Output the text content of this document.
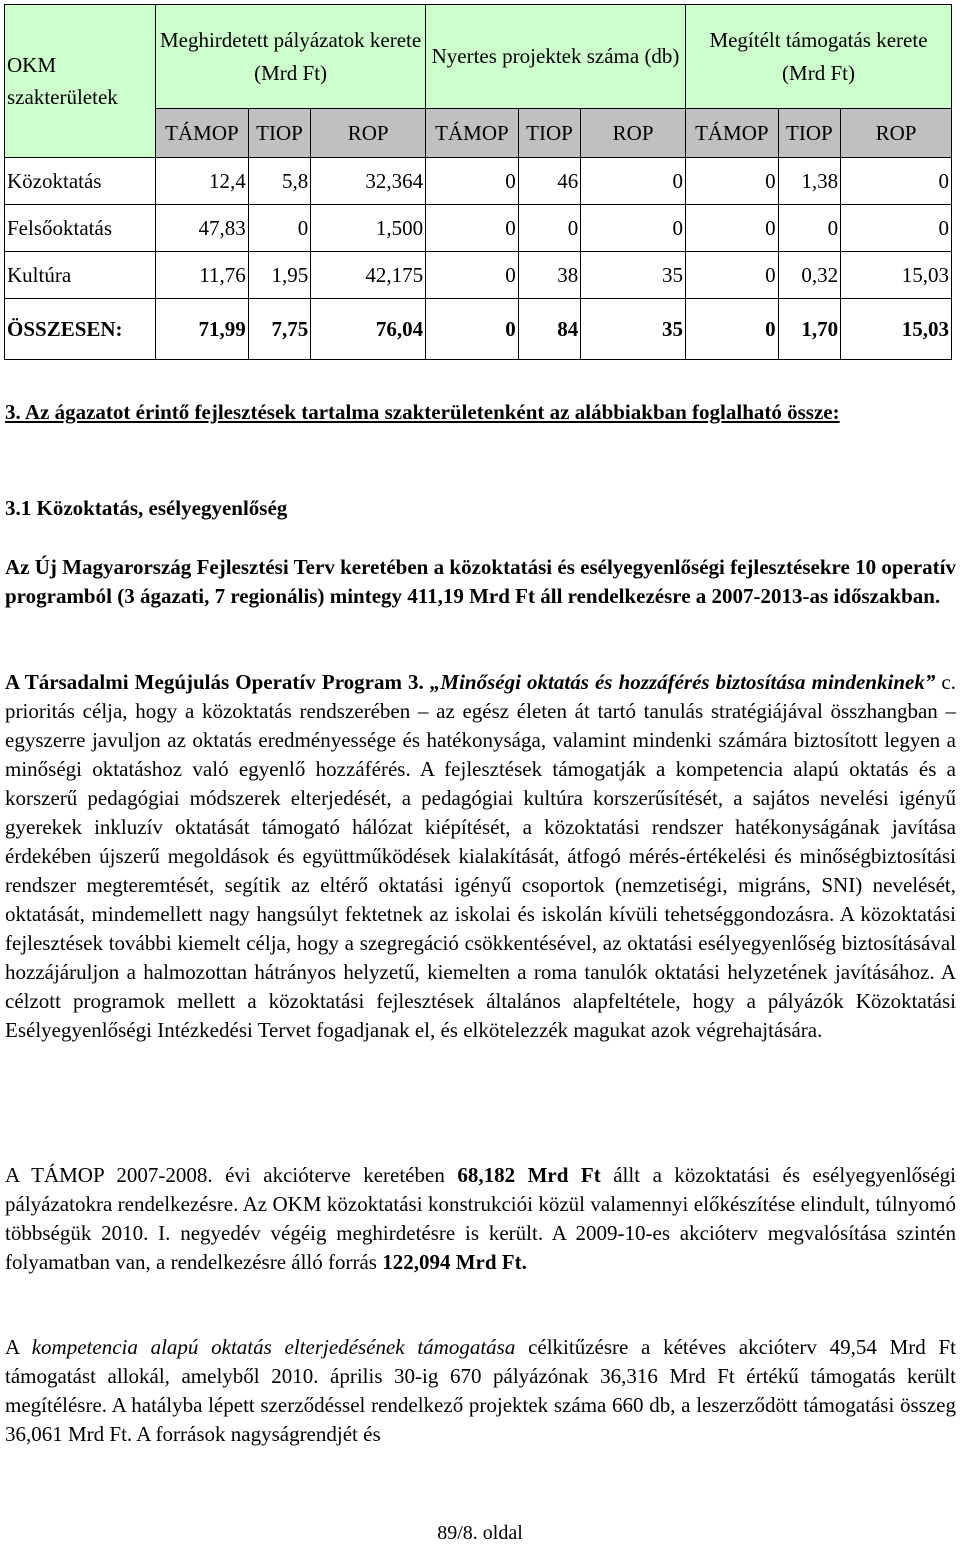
OKM szakterületek	Meghirdetett pályázatok kerete (Mrd Ft)			Nyertes projektek száma (db)			Megítélt támogatás kerete (Mrd Ft)		
	TÁMOP	TIOP	ROP	TÁMOP	TIOP	ROP	TÁMOP	TIOP	ROP
Közoktatás	12,4	5,8	32,364	0	46	0	0	1,38	0
Felsőoktatás	47,83	0	1,500	0	0	0	0	0	0
Kultúra	11,76	1,95	42,175	0	38	35	0	0,32	15,03
ÖSSZESEN:	71,99	7,75	76,04	0	84	35	0	1,70	15,03
3. Az ágazatot érintő fejlesztések tartalma szakterületenként az alábbiakban foglalható össze:
3.1 Közoktatás, esélyegyenlőség

Az Új Magyarország Fejlesztési Terv keretében a közoktatási és esélyegyenlőségi fejlesztésekre 10 operatív programból (3 ágazati, 7 regionális) mintegy 411,19 Mrd Ft áll rendelkezésre a 2007-2013-as időszakban.

A Társadalmi Megújulás Operatív Program 3. „Minőségi oktatás és hozzáférés biztosítása mindenkinek” c. prioritás célja, hogy a közoktatás rendszerében – az egész életen át tartó tanulás stratégiájával összhangban – egyszerre javuljon az oktatás eredményessége és hatékonysága, valamint mindenki számára biztosított legyen a minőségi oktatáshoz való egyenlő hozzáférés. A fejlesztések támogatják a kompetencia alapú oktatás és a korszerű pedagógiai módszerek elterjedését, a pedagógiai kultúra korszerűsítését, a sajátos nevelési igényű gyerekek inkluzív oktatását támogató hálózat kiépítését, a közoktatási rendszer hatékonyságának javítása érdekében újszerű megoldások és együttműködések kialakítását, átfogó mérés-értékelési és minőségbiztosítási rendszer megteremtését, segítik az eltérő oktatási igényű csoportok (nemzetiségi, migráns, SNI) nevelését, oktatását, mindemellett nagy hangsúlyt fektetnek az iskolai és iskolán kívüli tehetséggondozásra. A közoktatási fejlesztések további kiemelt célja, hogy a szegregáció csökkentésével, az oktatási esélyegyenlőség biztosításával hozzájáruljon a halmozottan hátrányos helyzetű, kiemelten a roma tanulók oktatási helyzetének javításához. A célzott programok mellett a közoktatási fejlesztések általános alapfeltétele, hogy a pályázók Közoktatási Esélyegyenlőségi Intézkedési Tervet fogadjanak el, és elkötelezzék magukat azok végrehajtására.

A TÁMOP 2007-2008. évi akcióterve keretében 68,182 Mrd Ft állt a közoktatási és esélyegyenlőségi pályázatokra rendelkezésre. Az OKM közoktatási konstrukciói közül valamennyi előkészítése elindult, túlnyomó többségük 2010. I. negyedév végéig meghirdetésre is került. A 2009-10-es akcióterv megvalósítása szintén folyamatban van, a rendelkezésre álló forrás 122,094 Mrd Ft.

A kompetencia alapú oktatás elterjedésének támogatása célkitűzésre a kétéves akcióterv 49,54 Mrd Ft támogatást allokál, amelyből 2010. április 30-ig 670 pályázónak 36,316 Mrd Ft értékű támogatás került megítélésre. A hatályba lépett szerződéssel rendelkező projektek száma 660 db, a leszerződött támogatási összeg 36,061 Mrd Ft. A források nagyságrendjét és

89/8. oldal
